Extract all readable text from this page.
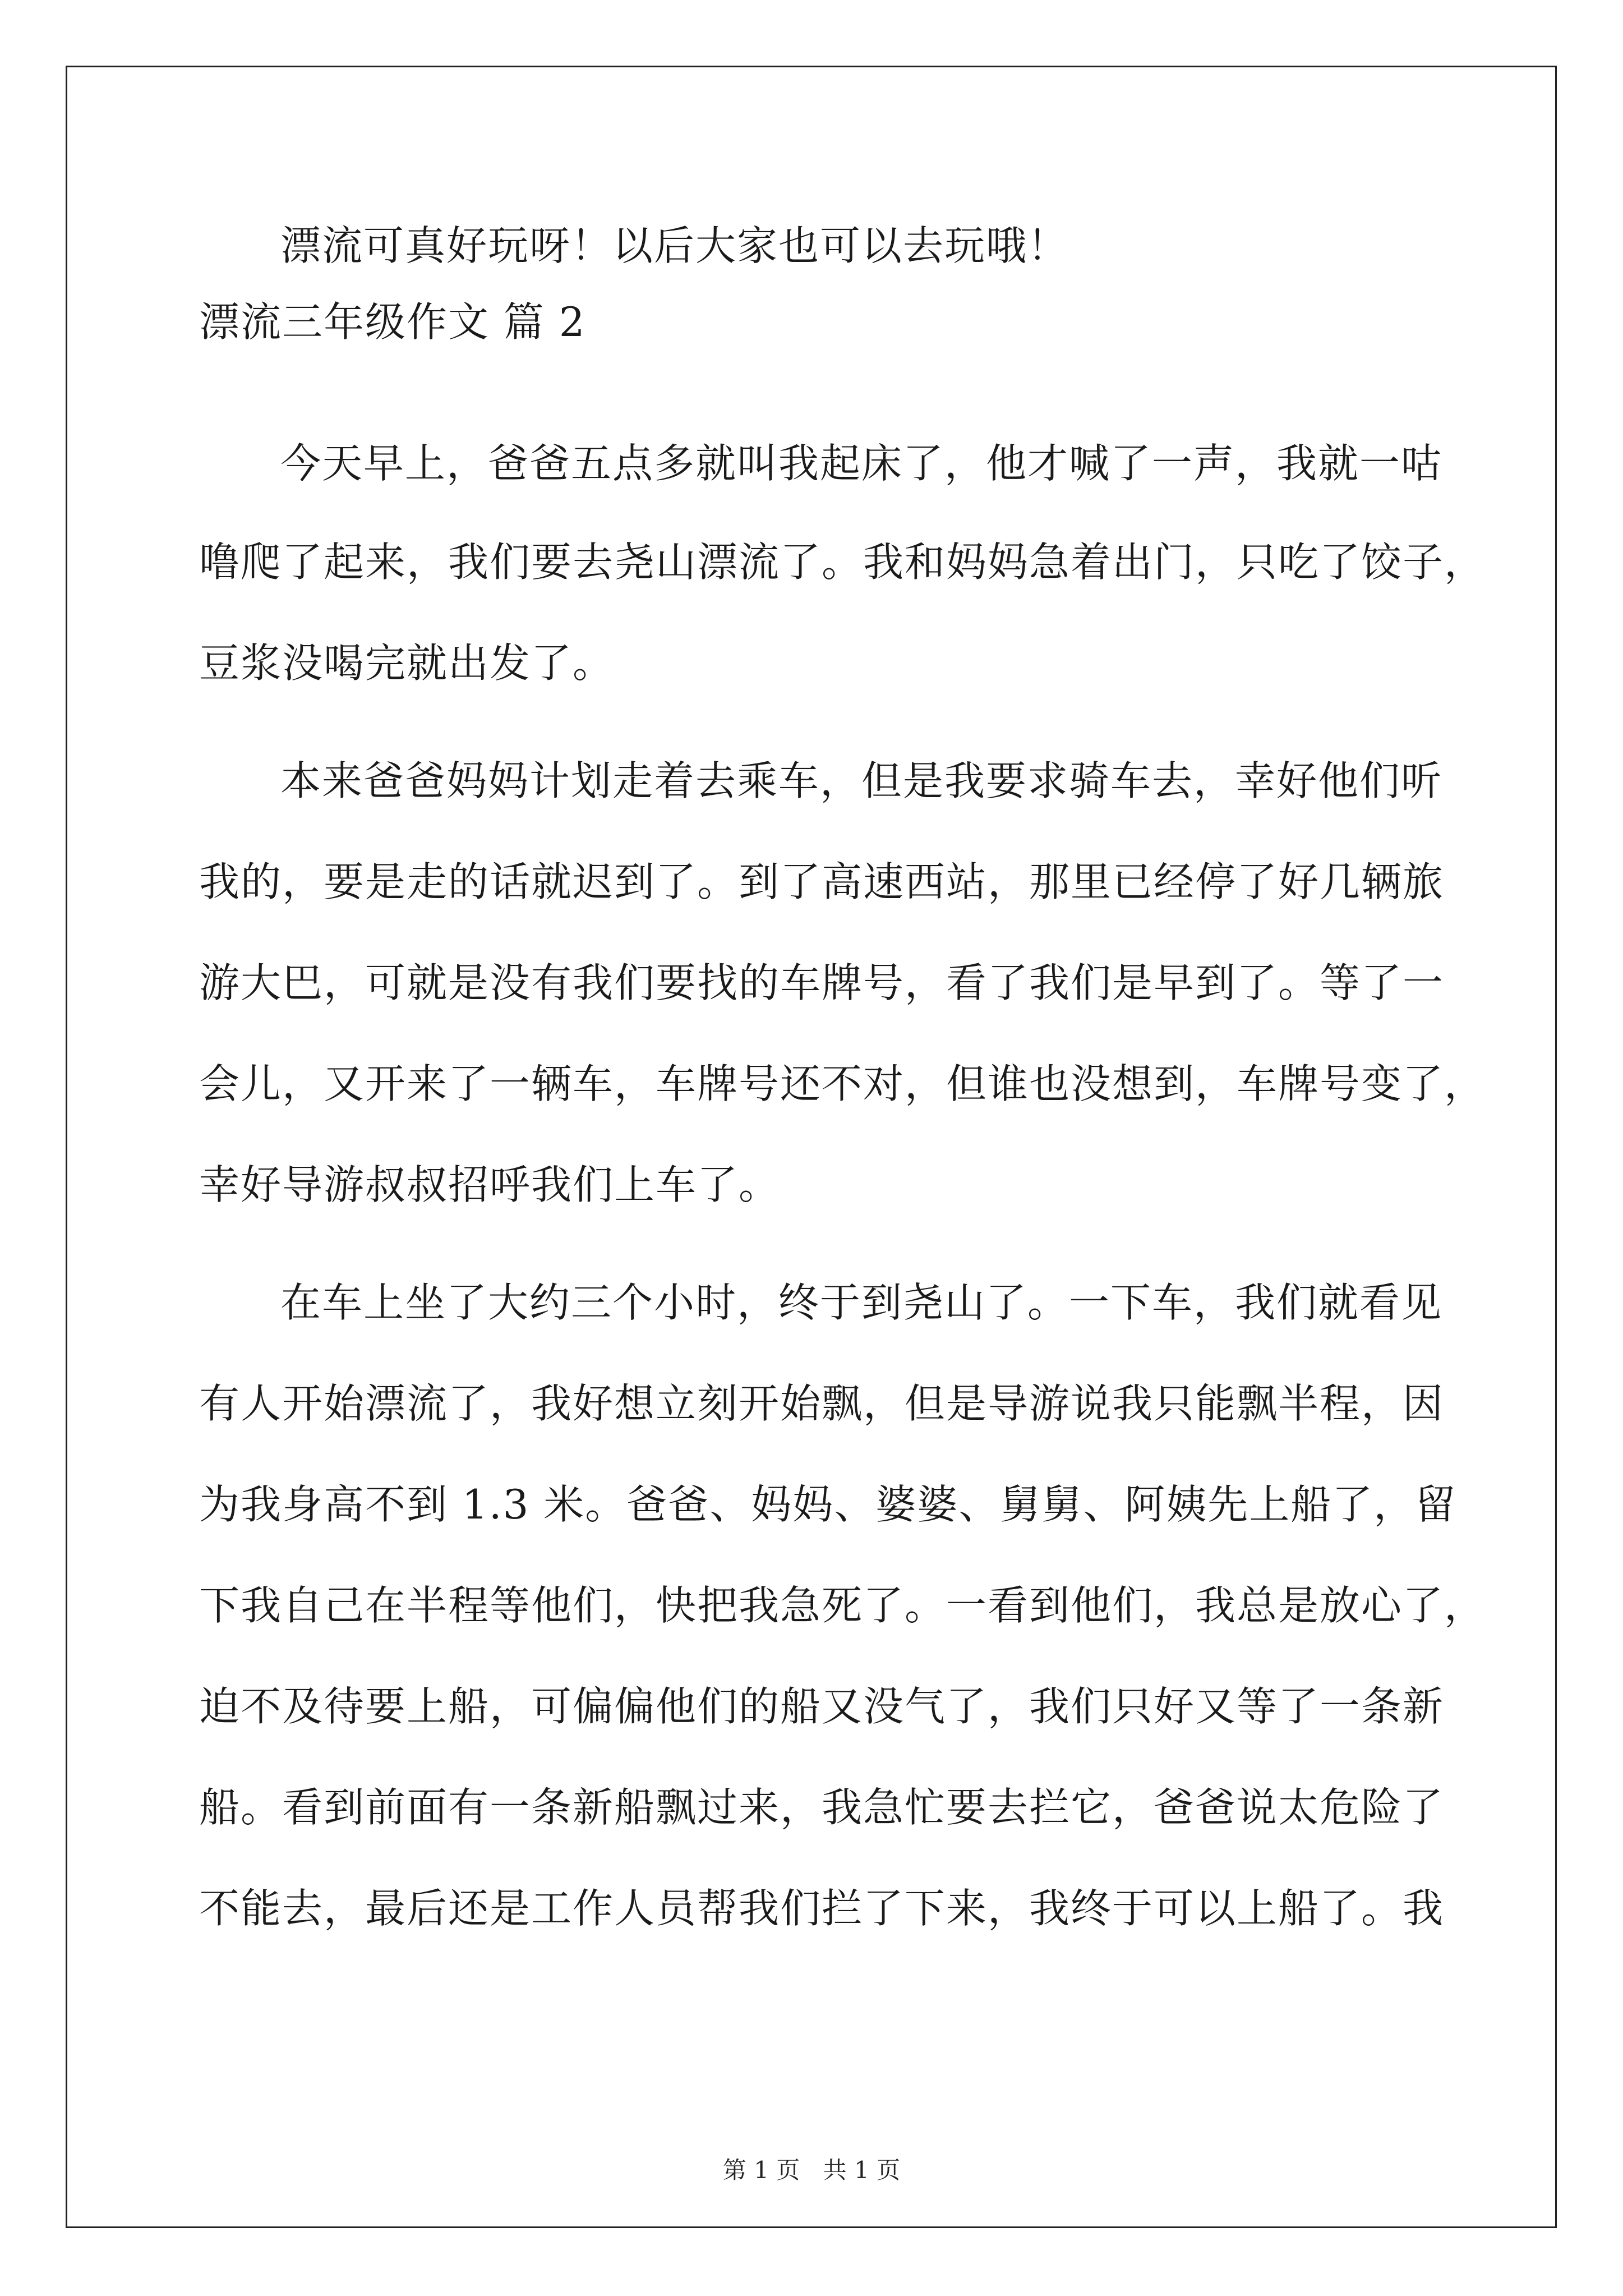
漂流可真好玩呀！以后大家也可以去玩哦！
漂流三年级作文 篇 2
今天早上，爸爸五点多就叫我起床了，他才喊了一声，我就一咕
噜爬了起来，我们要去尧山漂流了。我和妈妈急着出门，只吃了饺子，
豆浆没喝完就出发了。
本来爸爸妈妈计划走着去乘车，但是我要求骑车去，幸好他们听
我的，要是走的话就迟到了。到了高速西站，那里已经停了好几辆旅
游大巴，可就是没有我们要找的车牌号，看了我们是早到了。等了一
会儿，又开来了一辆车，车牌号还不对，但谁也没想到，车牌号变了，
幸好导游叔叔招呼我们上车了。
在车上坐了大约三个小时，终于到尧山了。一下车，我们就看见
有人开始漂流了，我好想立刻开始飘，但是导游说我只能飘半程，因
为我身高不到 1.3 米。爸爸、妈妈、婆婆、舅舅、阿姨先上船了，留
下我自己在半程等他们，快把我急死了。一看到他们，我总是放心了，
迫不及待要上船，可偏偏他们的船又没气了，我们只好又等了一条新
船。看到前面有一条新船飘过来，我急忙要去拦它，爸爸说太危险了
不能去，最后还是工作人员帮我们拦了下来，我终于可以上船了。我
第 1 页 共 1 页
